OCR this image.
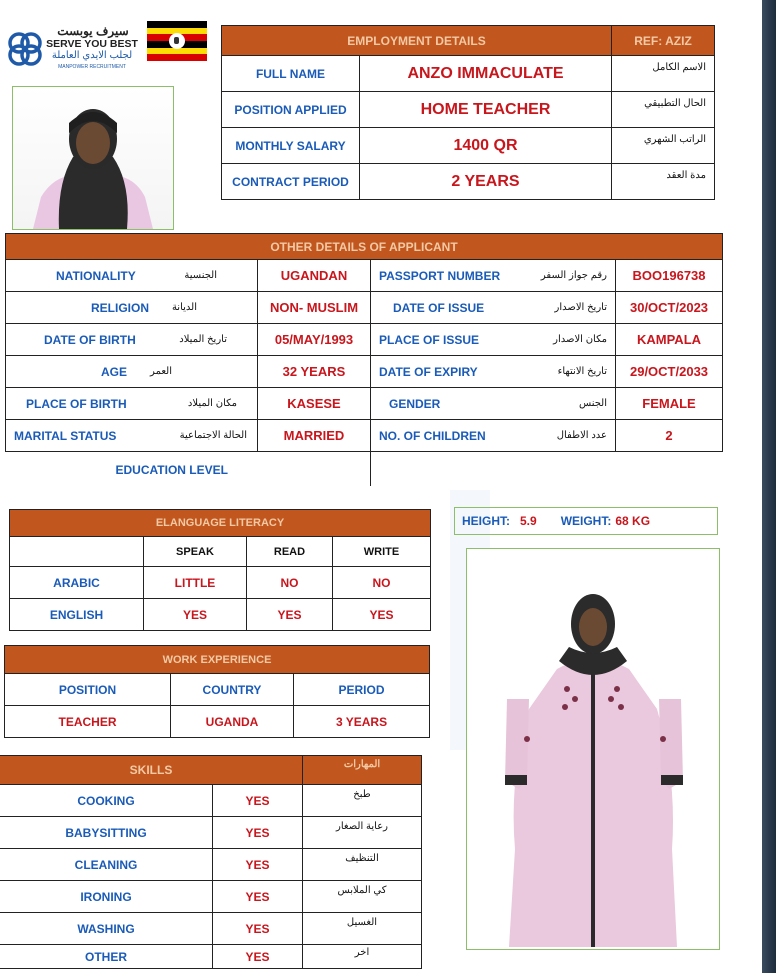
سيرف يوبست
SERVE YOU BEST
لجلب الايدي العاملة
MANPOWER RECRUITMENT
EMPLOYMENT DETAILS		REF: AZIZ
FULL NAME	ANZO IMMACULATE	الاسم الكامل
POSITION APPLIED	HOME TEACHER	الحال التطبيقي
MONTHLY SALARY	1400 QR	الراتب الشهري
CONTRACT PERIOD	2 YEARS	مدة العقد
OTHER DETAILS OF APPLICANT			

NATIONALITY الجنسية	UGANDAN	PASSPORT NUMBER رقم جواز السفر	BOO196738

RELIGION الديانة	NON- MUSLIM	DATE OF ISSUE تاريخ الاصدار	30/OCT/2023

DATE OF BIRTH تاريخ الميلاد	05/MAY/1993	PLACE OF ISSUE مكان الاصدار	KAMPALA

AGE العمر	32 YEARS	DATE OF EXPIRY تاريخ الانتهاء	29/OCT/2033

PLACE OF BIRTH مكان الميلاد	KASESE	GENDER الجنس	FEMALE

MARITAL STATUS الحالة الاجتماعية	MARRIED	NO. OF CHILDREN عدد الاطفال	2

EDUCATION LEVEL			

ELANGUAGE LITERACY			
	SPEAK	READ	WRITE
ARABIC	LITTLE	NO	NO
ENGLISH	YES	YES	YES
HEIGHT: 5.9 WEIGHT: 68 KG
WORK EXPERIENCE		
POSITION	COUNTRY	PERIOD
TEACHER	UGANDA	3 YEARS
SKILLS		المهارات
COOKING	YES	طبخ
BABYSITTING	YES	رعاية الصغار
CLEANING	YES	التنظيف
IRONING	YES	كي الملابس
WASHING	YES	الغسيل
OTHER	YES	اخر
